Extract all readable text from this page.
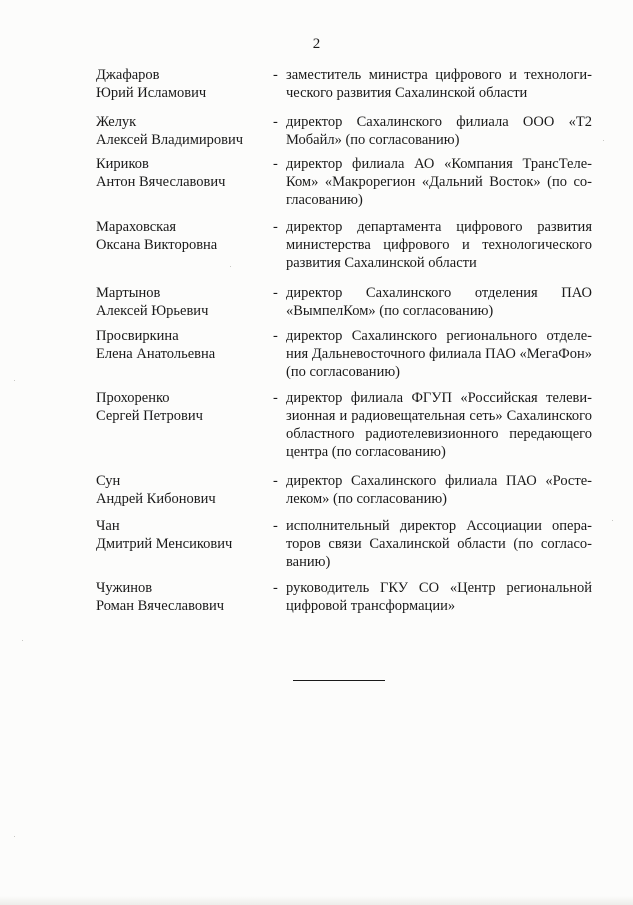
2
Джафаров
Юрий Исламович
- заместитель министра цифрового и технологического развития Сахалинской области
Желук
Алексей Владимирович
- директор Сахалинского филиала ООО «Т2 Мобайл» (по согласованию)
Кириков
Антон Вячеславович
- директор филиала АО «Компания ТрансТелеКом» «Макрорегион «Дальний Восток» (по согласованию)
Мараховская
Оксана Викторовна
- директор департамента цифрового развития министерства цифрового и технологического развития Сахалинской области
Мартынов
Алексей Юрьевич
- директор Сахалинского отделения ПАО «ВымпелКом» (по согласованию)
Просвиркина
Елена Анатольевна
- директор Сахалинского регионального отделения Дальневосточного филиала ПАО «МегаФон» (по согласованию)
Прохоренко
Сергей Петрович
- директор филиала ФГУП «Российская телевизионная и радиовещательная сеть» Сахалинского областного радиотелевизионного передающего центра (по согласованию)
Сун
Андрей Кибонович
- директор Сахалинского филиала ПАО «Ростелеком» (по согласованию)
Чан
Дмитрий Менсикович
- исполнительный директор Ассоциации операторов связи Сахалинской области (по согласованию)
Чужинов
Роман Вячеславович
- руководитель ГКУ СО «Центр региональной цифровой трансформации»
